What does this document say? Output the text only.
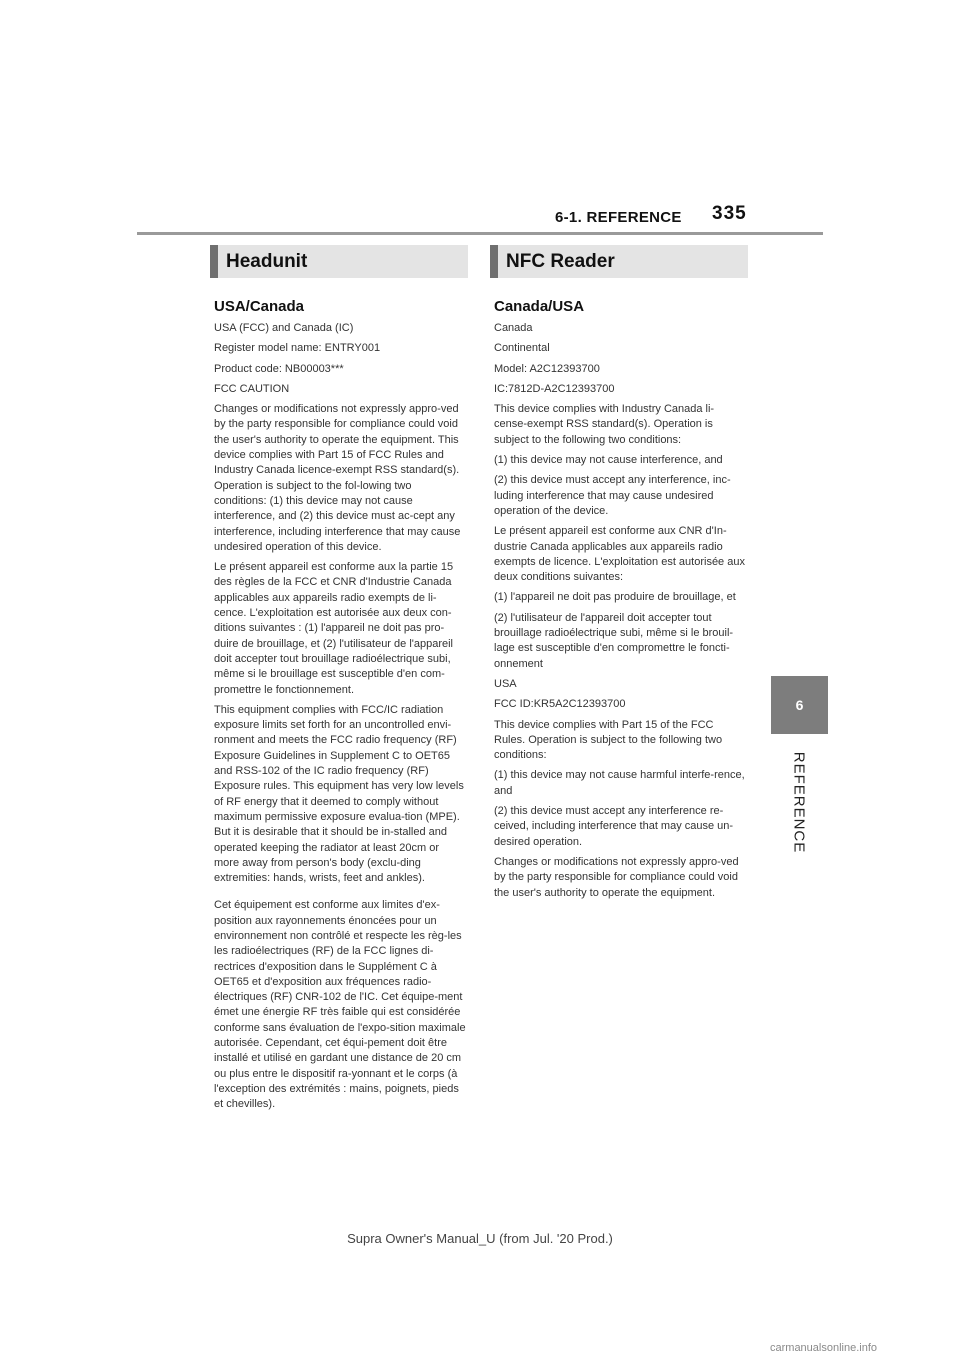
6-1. REFERENCE 335
6
REFERENCE
Headunit
USA/Canada

USA (FCC) and Canada (IC)

Register model name: ENTRY001

Product code: NB00003***

FCC CAUTION

Changes or modifications not expressly appro-ved by the party responsible for compliance could void the user's authority to operate the equipment. This device complies with Part 15 of FCC Rules and Industry Canada licence-exempt RSS standard(s). Operation is subject to the fol-lowing two conditions: (1) this device may not cause interference, and (2) this device must ac-cept any interference, including interference that may cause undesired operation of this device.

Le présent appareil est conforme aux la partie 15 des règles de la FCC et CNR d'Industrie Canada applicables aux appareils radio exempts de li-cence. L'exploitation est autorisée aux deux con-ditions suivantes : (1) l'appareil ne doit pas pro-duire de brouillage, et (2) l'utilisateur de l'appareil doit accepter tout brouillage radioélectrique subi, même si le brouillage est susceptible d'en com-promettre le fonctionnement.

This equipment complies with FCC/IC radiation exposure limits set forth for an uncontrolled envi-ronment and meets the FCC radio frequency (RF) Exposure Guidelines in Supplement C to OET65 and RSS-102 of the IC radio frequency (RF) Exposure rules. This equipment has very low levels of RF energy that it deemed to comply without maximum permissive exposure evalua-tion (MPE). But it is desirable that it should be in-stalled and operated keeping the radiator at least 20cm or more away from person's body (exclu-ding extremities: hands, wrists, feet and ankles).

Cet équipement est conforme aux limites d'ex-position aux rayonnements énoncées pour un environnement non contrôlé et respecte les règ-les les radioélectriques (RF) de la FCC lignes di-rectrices d'exposition dans le Supplément C à OET65 et d'exposition aux fréquences radio-électriques (RF) CNR-102 de l'IC. Cet équipe-ment émet une énergie RF très faible qui est considérée conforme sans évaluation de l'expo-sition maximale autorisée. Cependant, cet équi-pement doit être installé et utilisé en gardant une distance de 20 cm ou plus entre le dispositif ra-yonnant et le corps (à l'exception des extrémités : mains, poignets, pieds et chevilles).

NFC Reader
Canada/USA

Canada

Continental

Model: A2C12393700

IC:7812D-A2C12393700

This device complies with Industry Canada li-cense-exempt RSS standard(s). Operation is subject to the following two conditions:

(1) this device may not cause interference, and

(2) this device must accept any interference, inc-luding interference that may cause undesired operation of the device.

Le présent appareil est conforme aux CNR d'In-dustrie Canada applicables aux appareils radio exempts de licence. L'exploitation est autorisée aux deux conditions suivantes:

(1) l'appareil ne doit pas produire de brouillage, et

(2) l'utilisateur de l'appareil doit accepter tout brouillage radioélectrique subi, même si le brouil-lage est susceptible d'en compromettre le foncti-onnement

USA

FCC ID:KR5A2C12393700

This device complies with Part 15 of the FCC Rules. Operation is subject to the following two conditions:

(1) this device may not cause harmful interfe-rence, and

(2) this device must accept any interference re-ceived, including interference that may cause un-desired operation.

Changes or modifications not expressly appro-ved by the party responsible for compliance could void the user's authority to operate the equipment.

Supra Owner's Manual_U (from Jul. '20 Prod.)
carmanualsonline.info
